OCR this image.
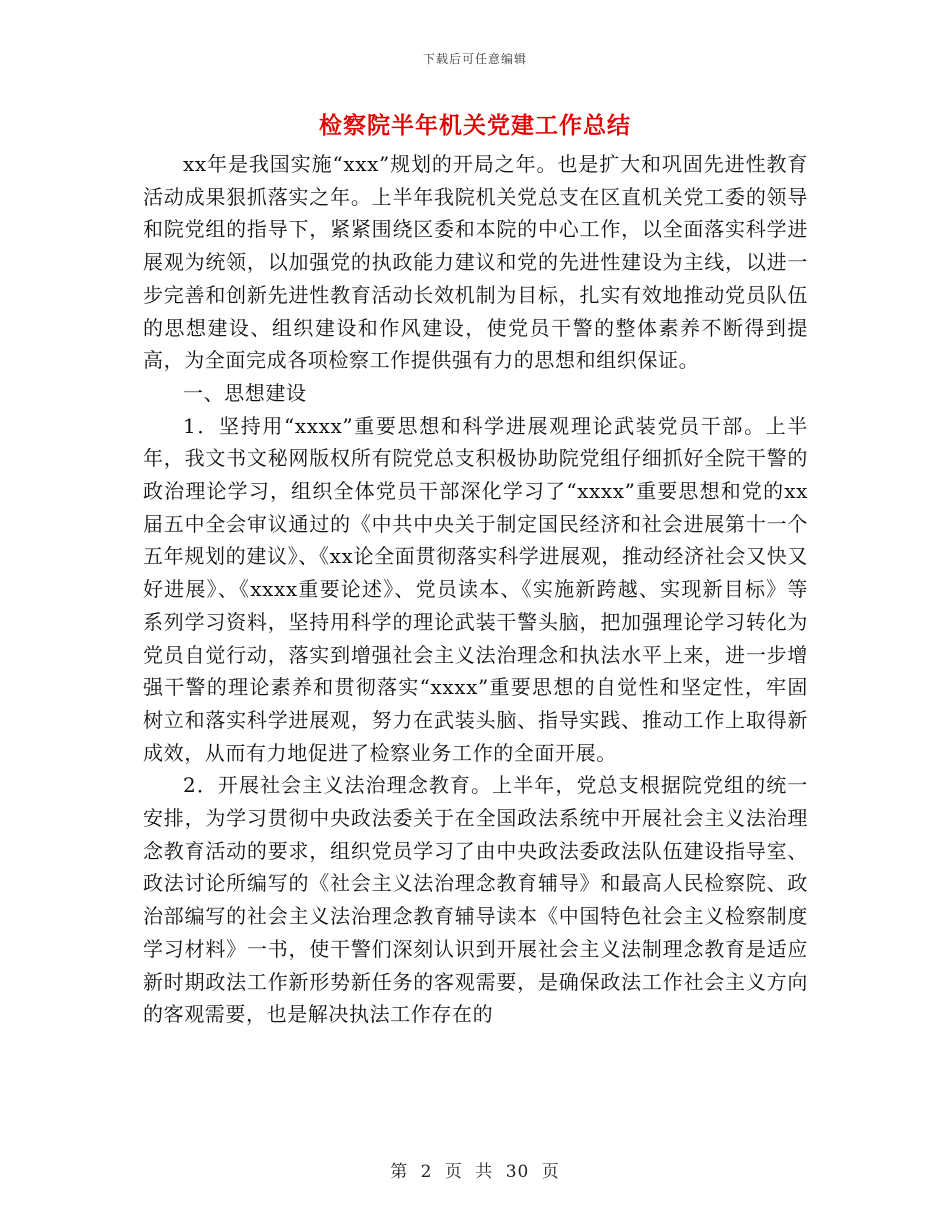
下载后可任意编辑
检察院半年机关党建工作总结

xx年是我国实施“xxx”规划的开局之年。也是扩大和巩固先进性教育活动成果狠抓落实之年。上半年我院机关党总支在区直机关党工委的领导和院党组的指导下，紧紧围绕区委和本院的中心工作，以全面落实科学进展观为统领，以加强党的执政能力建议和党的先进性建设为主线，以进一步完善和创新先进性教育活动长效机制为目标，扎实有效地推动党员队伍的思想建设、组织建设和作风建设，使党员干警的整体素养不断得到提高，为全面完成各项检察工作提供强有力的思想和组织保证。

一、思想建设

1．坚持用“xxxx”重要思想和科学进展观理论武装党员干部。上半年，我文书文秘网版权所有院党总支积极协助院党组仔细抓好全院干警的政治理论学习，组织全体党员干部深化学习了“xxxx”重要思想和党的xx届五中全会审议通过的《中共中央关于制定国民经济和社会进展第十一个五年规划的建议》、《xx论全面贯彻落实科学进展观，推动经济社会又快又好进展》、《xxxx重要论述》、党员读本、《实施新跨越、实现新目标》等系列学习资料，坚持用科学的理论武装干警头脑，把加强理论学习转化为党员自觉行动，落实到增强社会主义法治理念和执法水平上来，进一步增强干警的理论素养和贯彻落实“xxxx”重要思想的自觉性和坚定性，牢固树立和落实科学进展观，努力在武装头脑、指导实践、推动工作上取得新成效，从而有力地促进了检察业务工作的全面开展。

2．开展社会主义法治理念教育。上半年，党总支根据院党组的统一安排，为学习贯彻中央政法委关于在全国政法系统中开展社会主义法治理念教育活动的要求，组织党员学习了由中央政法委政法队伍建设指导室、政法讨论所编写的《社会主义法治理念教育辅导》和最高人民检察院、政治部编写的社会主义法治理念教育辅导读本《中国特色社会主义检察制度学习材料》一书，使干警们深刻认识到开展社会主义法制理念教育是适应新时期政法工作新形势新任务的客观需要，是确保政法工作社会主义方向的客观需要，也是解决执法工作存在的

第 2 页 共 30 页
